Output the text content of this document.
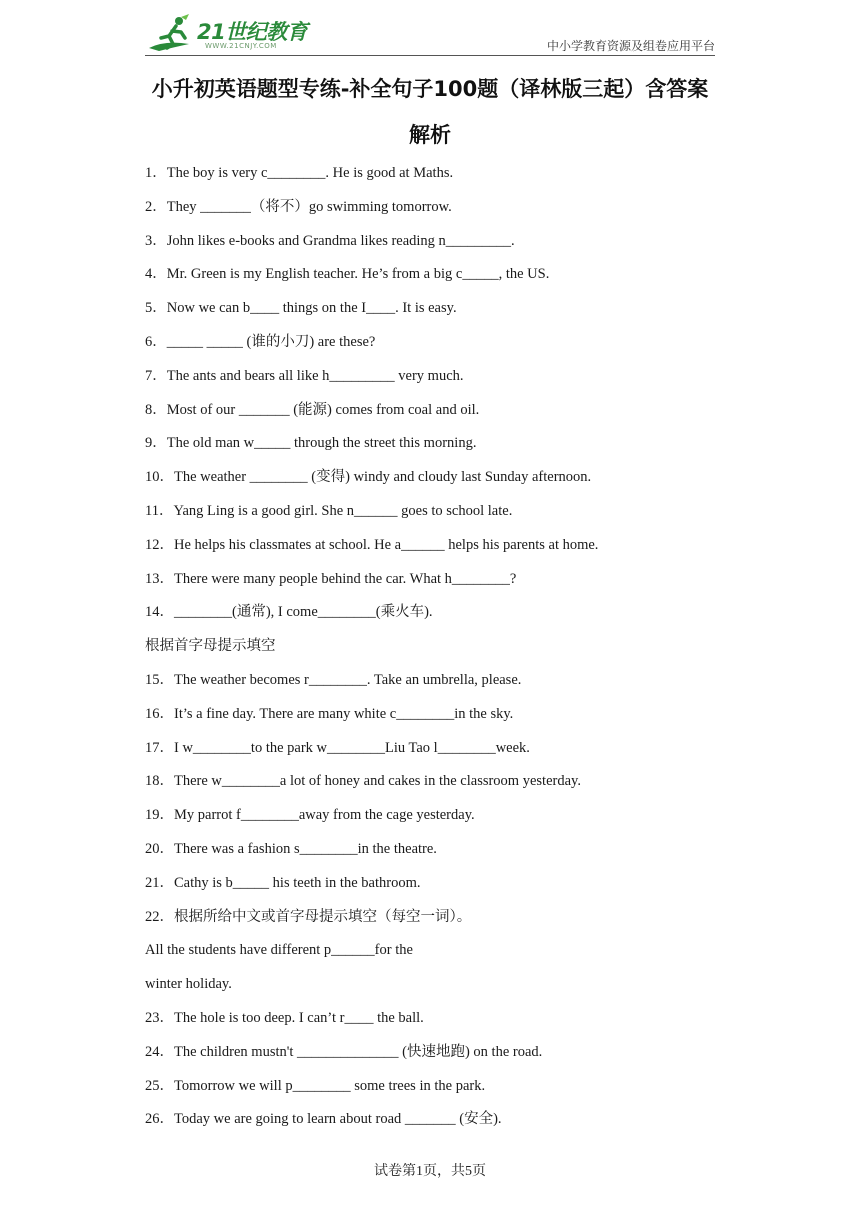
21世纪教育
WWW.21CNJY.COM	中小学教育资源及组卷应用平台
小升初英语题型专练-补全句子100题（译林版三起）含答案解析
1．The boy is very c________. He is good at Maths.
2．They _______（将不）go swimming tomorrow.
3．John likes e-books and Grandma likes reading n_________.
4．Mr. Green is my English teacher. He’s from a big c_____, the US.
5．Now we can b____ things on the I____. It is easy.
6．_____ _____ (谁的小刀) are these?
7．The ants and bears all like h_________ very much.
8．Most of our _______ (能源) comes from coal and oil.
9．The old man w_____ through the street this morning.
10．The weather ________ (变得) windy and cloudy last Sunday afternoon.
11．Yang Ling is a good girl. She n______ goes to school late.
12．He helps his classmates at school. He a______ helps his parents at home.
13．There were many people behind the car. What h________?
14．________(通常), I come________(乘火车).
根据首字母提示填空
15．The weather becomes r________. Take an umbrella, please.
16．It’s a fine day. There are many white c________in the sky.
17．I w________to the park w________Liu Tao l________week.
18．There w________a lot of honey and cakes in the classroom yesterday.
19．My parrot f________away from the cage yesterday.
20．There was a fashion s________in the theatre.
21．Cathy is b_____ his teeth in the bathroom.
22．根据所给中文或首字母提示填空（每空一词）。
All the students have different p______for the
winter holiday.
23．The hole is too deep. I can’t r____ the ball.
24．The children mustn't ______________ (快速地跑) on the road.
25．Tomorrow we will p________ some trees in the park.
26．Today we are going to learn about road _______ (安全).
试卷第1页，共5页
